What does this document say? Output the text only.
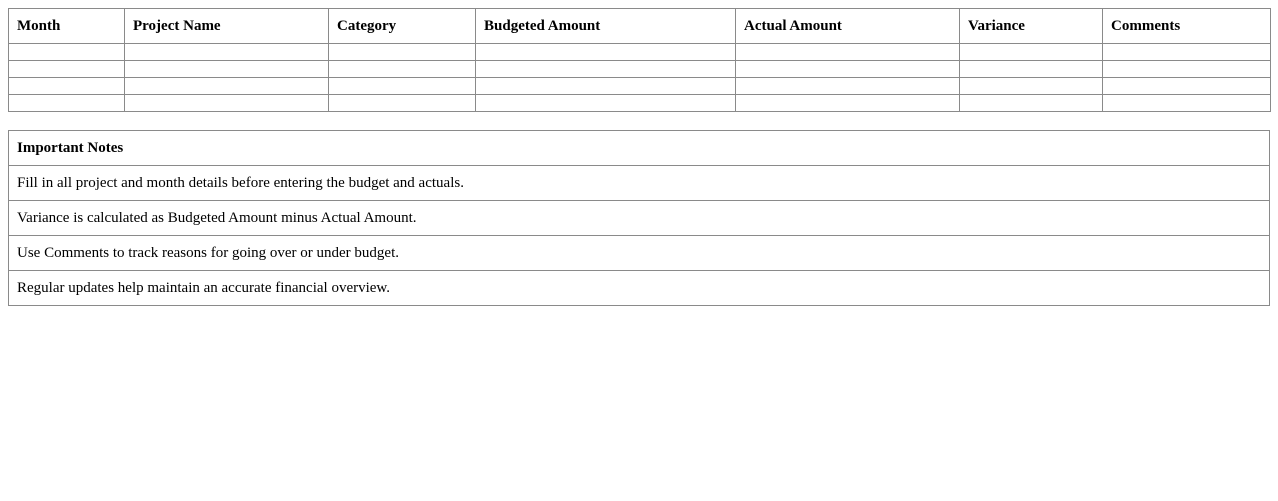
Month	Project Name	Category	Budgeted Amount	Actual Amount	Variance	Comments

Important Notes
Fill in all project and month details before entering the budget and actuals.
Variance is calculated as Budgeted Amount minus Actual Amount.
Use Comments to track reasons for going over or under budget.
Regular updates help maintain an accurate financial overview.
